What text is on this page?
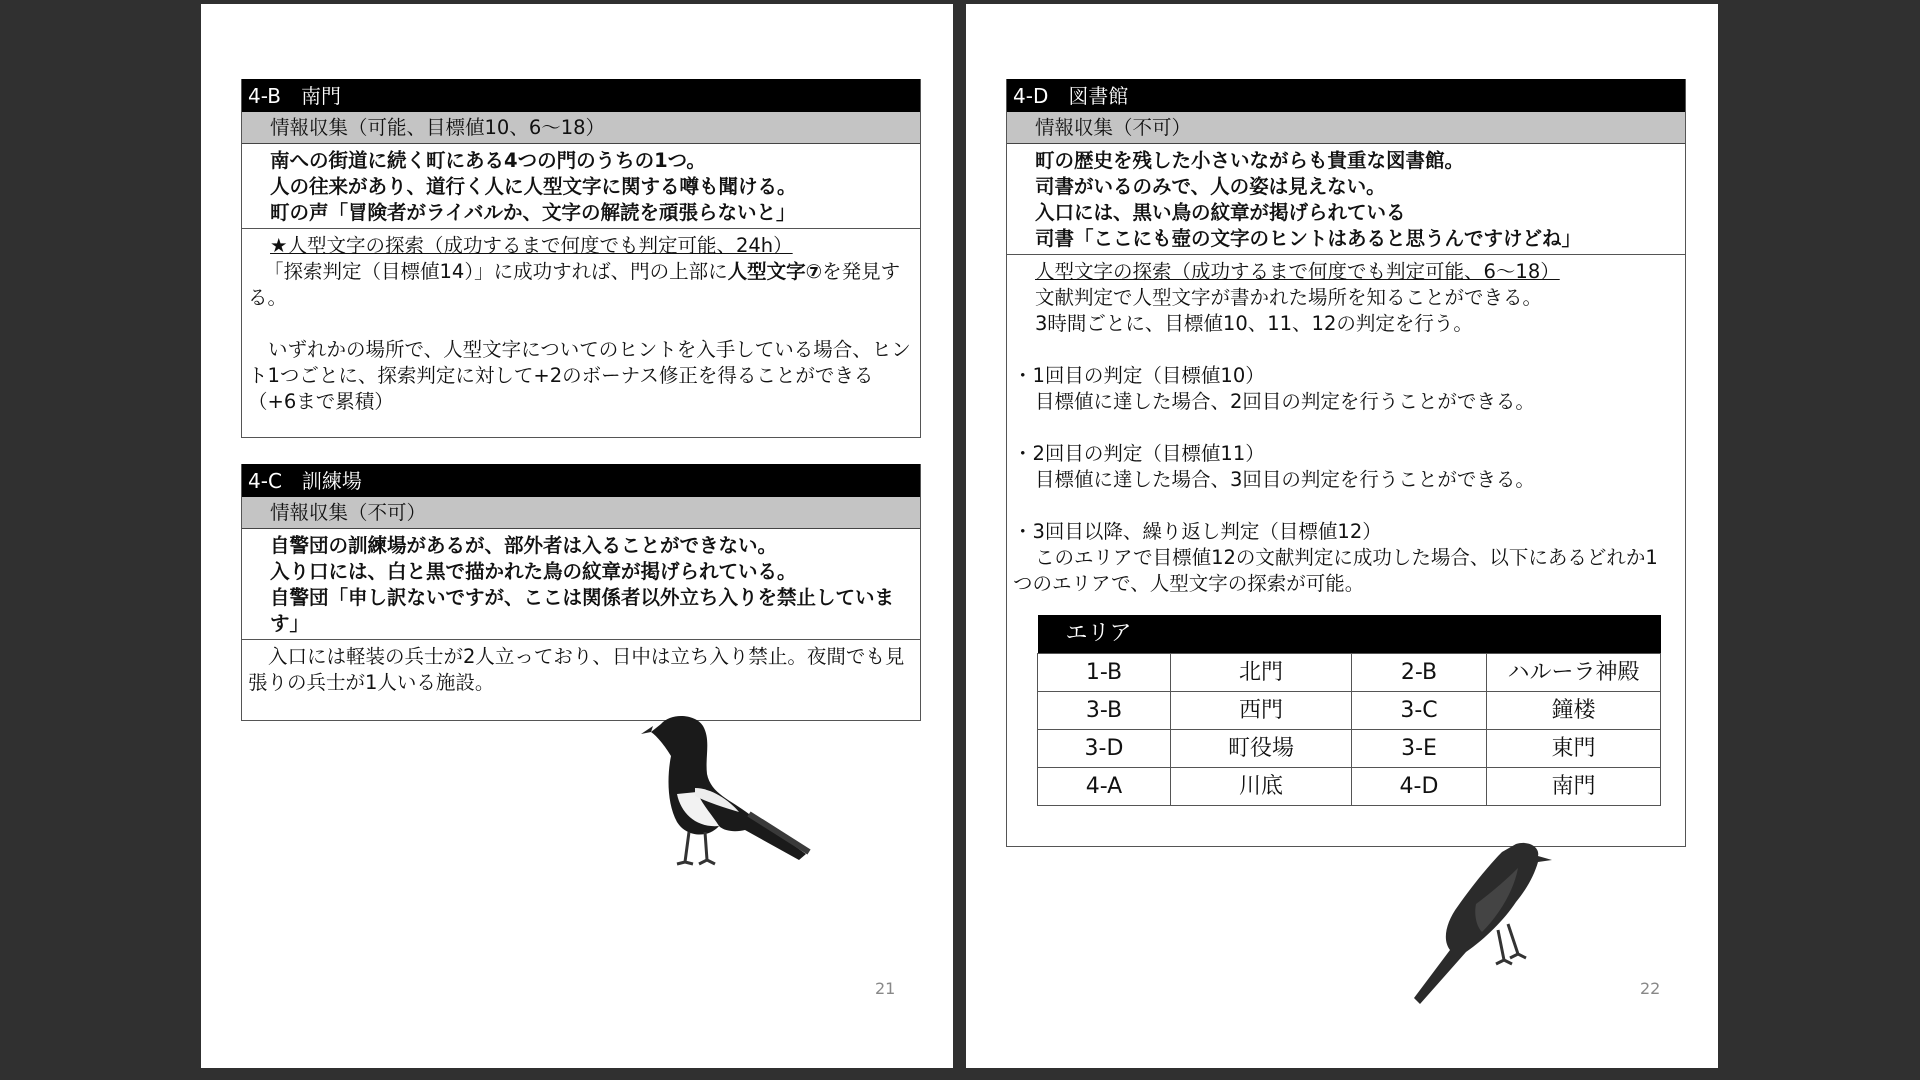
4-B　南門
情報収集（可能、目標値10、6〜18）
南への街道に続く町にある4つの門のうちの1つ。
人の往来があり、道行く人に人型文字に関する噂も聞ける。
町の声「冒険者がライバルか、文字の解読を頑張らないと」
★人型文字の探索（成功するまで何度でも判定可能、24h）

「探索判定（目標値14）」に成功すれば、門の上部に人型文字⑦を発見する。

いずれかの場所で、人型文字についてのヒントを入手している場合、ヒント1つごとに、探索判定に対して+2のボーナス修正を得ることができる（+6まで累積）

4-C　訓練場
情報収集（不可）
自警団の訓練場があるが、部外者は入ることができない。
入り口には、白と黒で描かれた鳥の紋章が掲げられている。
自警団「申し訳ないですが、ここは関係者以外立ち入りを禁止しています」

入口には軽装の兵士が2人立っており、日中は立ち入り禁止。夜間でも見張りの兵士が1人いる施設。

21
4-D　図書館
情報収集（不可）
町の歴史を残した小さいながらも貴重な図書館。
司書がいるのみで、人の姿は見えない。
入口には、黒い鳥の紋章が掲げられている
司書「ここにも壺の文字のヒントはあると思うんですけどね」
人型文字の探索（成功するまで何度でも判定可能、6〜18）
文献判定で人型文字が書かれた場所を知ることができる。
3時間ごとに、目標値10、11、12の判定を行う。
・1回目の判定（目標値10）
目標値に達した場合、2回目の判定を行うことができる。
・2回目の判定（目標値11）
目標値に達した場合、3回目の判定を行うことができる。
・3回目以降、繰り返し判定（目標値12）

このエリアで目標値12の文献判定に成功した場合、以下にあるどれか1つのエリアで、人型文字の探索が可能。

エリア			
1-B	北門	2-B	ハルーラ神殿
3-B	西門	3-C	鐘楼
3-D	町役場	3-E	東門
4-A	川底	4-D	南門
22
